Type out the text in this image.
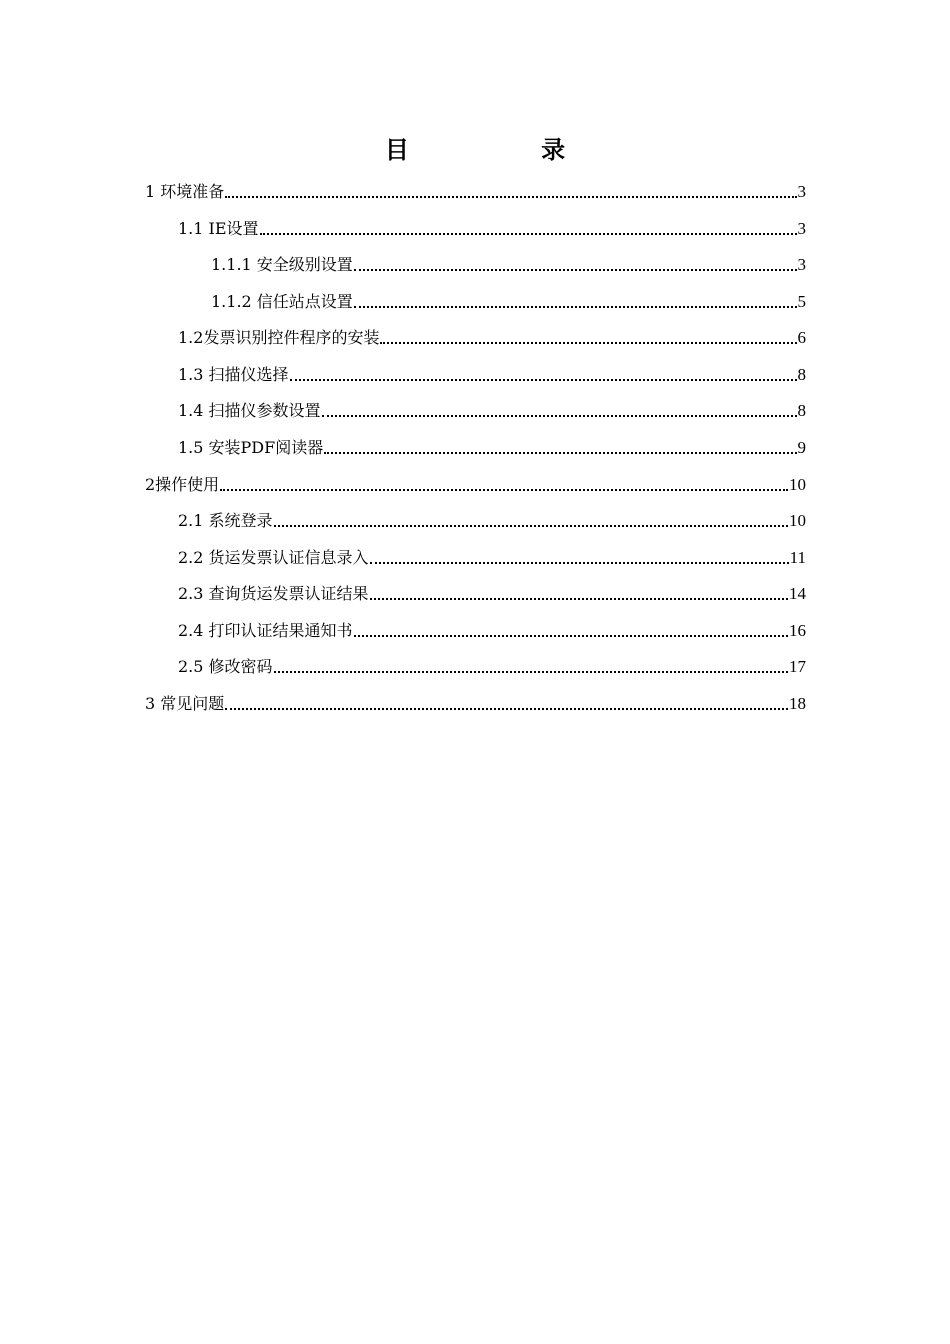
目 录
1 环境准备	3
1.1 IE设置	3
1.1.1 安全级别设置	3
1.1.2 信任站点设置	5
1.2发票识别控件程序的安装	6
1.3 扫描仪选择	8
1.4 扫描仪参数设置	8
1.5 安装PDF阅读器	9
2操作使用	10
2.1 系统登录	10
2.2 货运发票认证信息录入	11
2.3 查询货运发票认证结果	14
2.4 打印认证结果通知书	16
2.5 修改密码	17
3 常见问题	18
